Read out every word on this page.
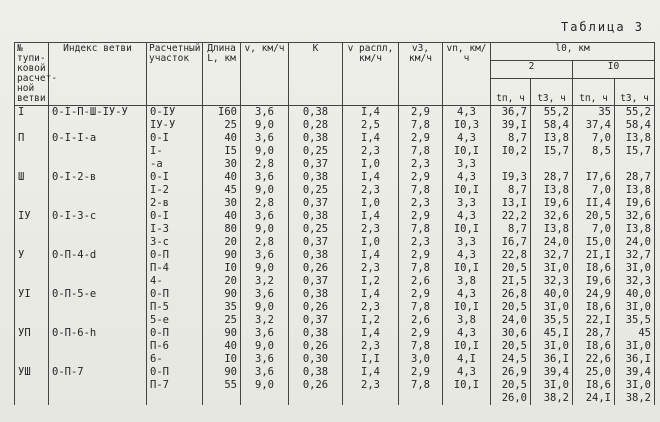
Таблица 3
№ тупи-ковой расчет-ной ветви	Индекс ветви	Расчетный участок	Длина L, км	v, км/ч	K	v распл, км/ч	v3, км/ч	vn, км/ч	l0, км			
									2		I0	
									tп, ч	t3, ч	tп, ч	t3, ч
I	0-I-П-Ш-IУ-У	0-IУ	I60	3,6	0,38	I,4	2,9	4,3	36,7	55,2	35	55,2
		IУ-У	25	9,0	0,28	2,5	7,8	I0,3	39,I	58,4	37,4	58,4
П	0-I-I-а	0-I	40	3,6	0,38	I,4	2,9	4,3	8,7	I3,8	7,0	I3,8
		I-	I5	9,0	0,25	2,3	7,8	I0,I	I0,2	I5,7	8,5	I5,7
		-а	30	2,8	0,37	I,0	2,3	3,3				
Ш	0-I-2-в	0-I	40	3,6	0,38	I,4	2,9	4,3	I9,3	28,7	I7,6	28,7
		I-2	45	9,0	0,25	2,3	7,8	I0,I	8,7	I3,8	7,0	I3,8
		2-в	30	2,8	0,37	I,0	2,3	3,3	I3,I	I9,6	II,4	I9,6
IУ	0-I-3-с	0-I	40	3,6	0,38	I,4	2,9	4,3	22,2	32,6	20,5	32,6
		I-3	80	9,0	0,25	2,3	7,8	I0,I	8,7	I3,8	7,0	I3,8
		3-с	20	2,8	0,37	I,0	2,3	3,3	I6,7	24,0	I5,0	24,0
У	0-П-4-d	0-П	90	3,6	0,38	I,4	2,9	4,3	22,8	32,7	2I,I	32,7
		П-4	I0	9,0	0,26	2,3	7,8	I0,I	20,5	3I,0	I8,6	3I,0
		4-	20	3,2	0,37	I,2	2,6	3,8	2I,5	32,3	I9,6	32,3
УI	0-П-5-е	0-П	90	3,6	0,38	I,4	2,9	4,3	26,8	40,0	24,9	40,0
		П-5	35	9,0	0,26	2,3	7,8	I0,I	20,5	3I,0	I8,6	3I,0
		5-е	25	3,2	0,37	I,2	2,6	3,8	24,0	35,5	22,I	35,5
УП	0-П-6-h	0-П	90	3,6	0,38	I,4	2,9	4,3	30,6	45,I	28,7	45
		П-6	40	9,0	0,26	2,3	7,8	I0,I	20,5	3I,0	I8,6	3I,0
		6-	I0	3,6	0,30	I,I	3,0	4,I	24,5	36,I	22,6	36,I
УШ	0-П-7	0-П	90	3,6	0,38	I,4	2,9	4,3	26,9	39,4	25,0	39,4
		П-7	55	9,0	0,26	2,3	7,8	I0,I	20,5	3I,0	I8,6	3I,0
									26,0	38,2	24,I	38,2
